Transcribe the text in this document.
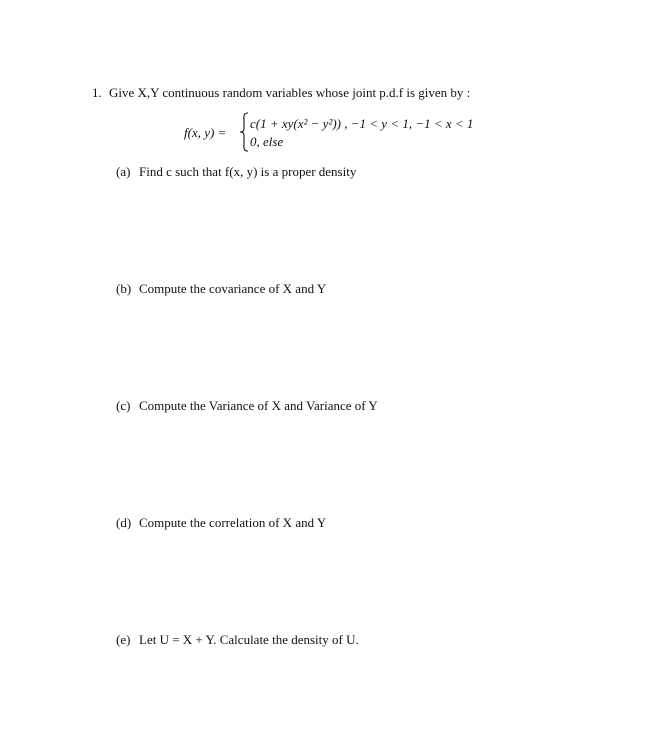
1. Give X,Y continuous random variables whose joint p.d.f is given by :
f(x, y) =
c(1 + xy(x² − y²)) , −1 < y < 1, −1 < x < 1
0, else
(a) Find c such that f(x, y) is a proper density
(b) Compute the covariance of X and Y
(c) Compute the Variance of X and Variance of Y
(d) Compute the correlation of X and Y
(e) Let U = X + Y. Calculate the density of U.
